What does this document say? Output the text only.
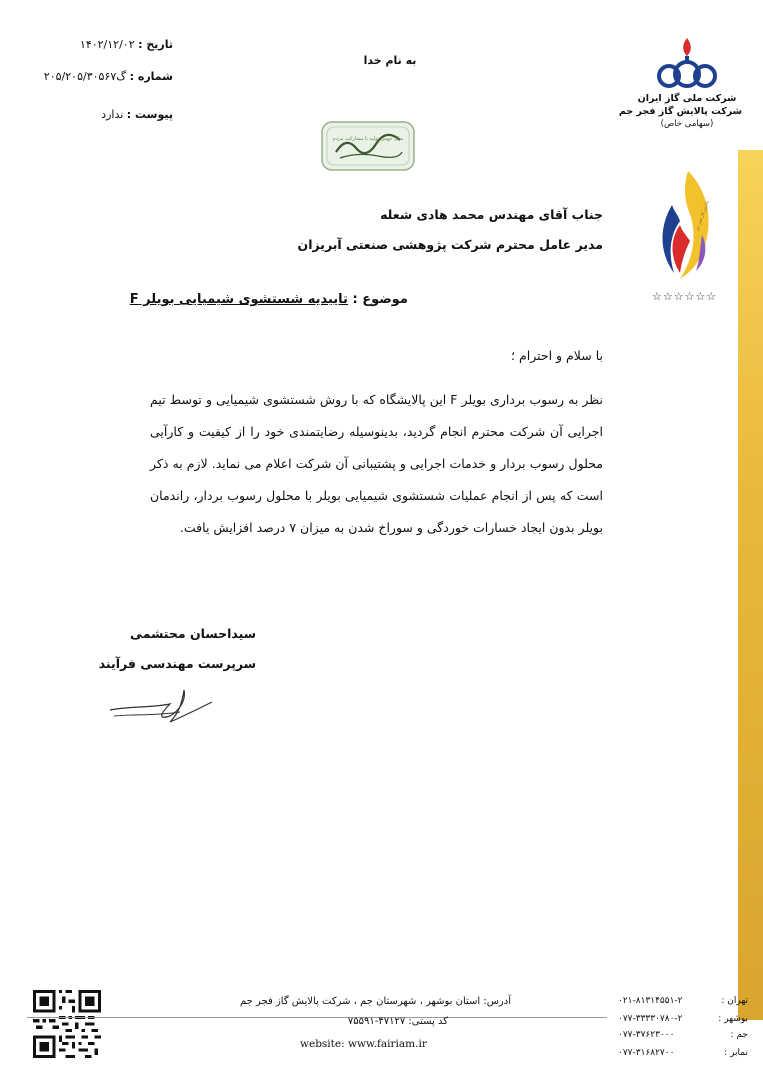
تاریخ : ۱۴۰۲/۱۲/۰۲
شماره : گ۲۰۵/۲۰۵/۳۰۵۶۷
پیوست : ندارد
به نام خدا
سال جهش تولید با مشارکت مردم
شرکت ملی گاز ایران
شرکت پالایش گاز فجر جم
(سهامی خاص)
پالایش گاز فجر جم
☆☆☆☆☆☆
جناب آقای مهندس محمد هادی شعله
مدیر عامل محترم شرکت پژوهشی صنعتی آبریزان
موضوع : تاییدیه شستشوی شیمیایی بویلر F
با سلام و احترام ؛
نظر به رسوب برداری بویلر F این پالایشگاه که با روش شستشوی شیمیایی و توسط تیم اجرایی آن شرکت محترم انجام گردید، بدینوسیله رضایتمندی خود را از کیفیت و کارآیی محلول رسوب بردار و خدمات اجرایی و پشتیبانی آن شرکت اعلام می نماید. لازم به ذکر است که پس از انجام عملیات شستشوی شیمیایی بویلر با محلول رسوب بردار، راندمان بویلر بدون ایجاد خسارات خوردگی و سوراخ شدن به میزان ۷ درصد افزایش یافت.
سیداحسان محتشمی
سرپرست مهندسی فرآیند
آدرس: استان بوشهر ، شهرستان جم ، شرکت پالایش گاز فجر جم
کد پستی: ۴۷۱۲۷-۷۵۵۹۱
website: www.fairiam.ir
۰۲۱-۸۱۳۱۴۵۵۱-۲	تهران :
۰۷۷-۳۳۳۳۰۷۸۰-۲	بوشهر :
۰۷۷-۳۷۶۲۳۰۰۰	جم :
۰۷۷-۳۱۶۸۲۷۰۰	نمابر :
